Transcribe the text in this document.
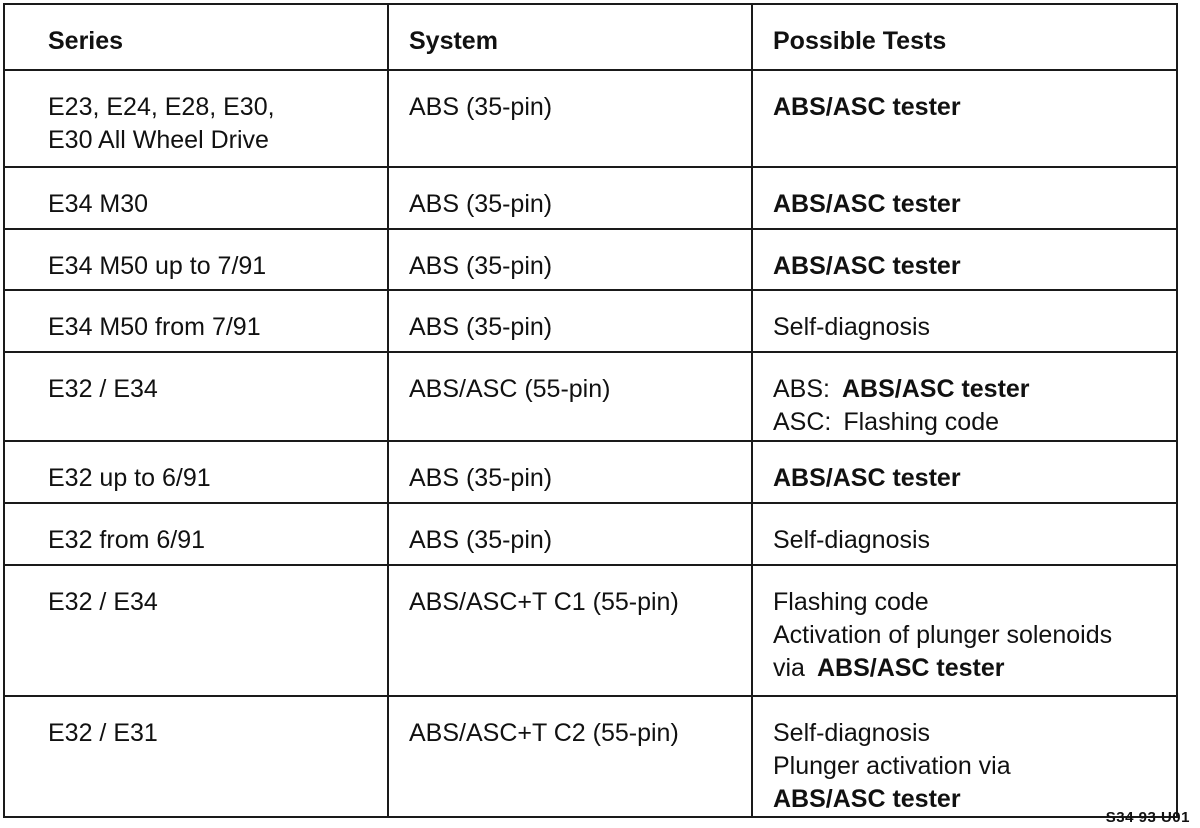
Series	System	Possible Tests

E23, E24, E28, E30,
E30 All Wheel Drive	ABS (35-pin)	ABS/ASC tester

E34 M30	ABS (35-pin)	ABS/ASC tester

E34 M50 up to 7/91	ABS (35-pin)	ABS/ASC tester

E34 M50 from 7/91	ABS (35-pin)	Self-diagnosis

E32 / E34	ABS/ASC (55-pin)	ABS: ABS/ASC tester
ASC: Flashing code

E32 up to 6/91	ABS (35-pin)	ABS/ASC tester

E32 from 6/91	ABS (35-pin)	Self-diagnosis

E32 / E34	ABS/ASC+T C1 (55-pin)	Flashing code
Activation of plunger solenoids
via ABS/ASC tester

E32 / E31	ABS/ASC+T C2 (55-pin)	Self-diagnosis
Plunger activation via
ABS/ASC tester
S34 93 U01
